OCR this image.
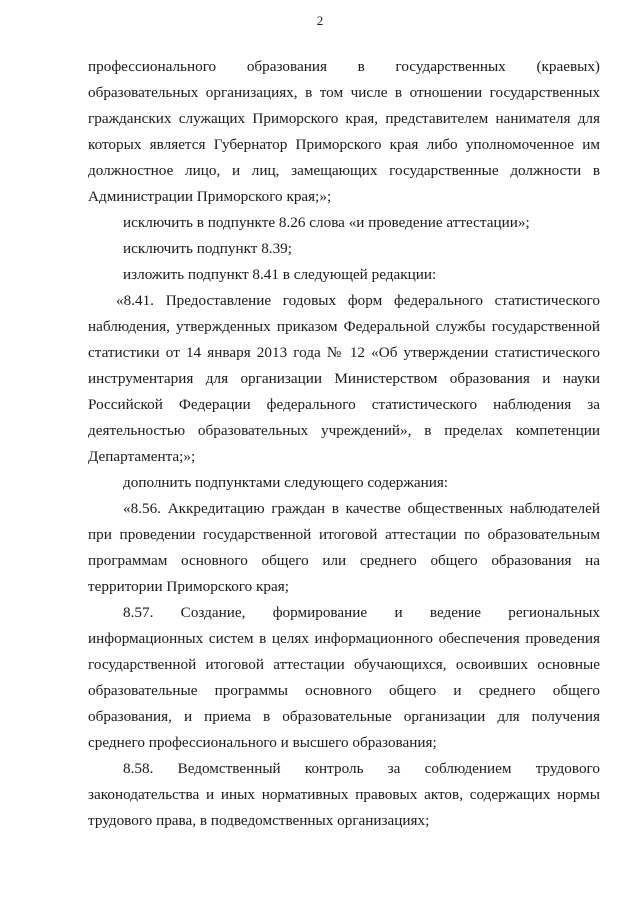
2

профессионального образования в государственных (краевых) образовательных организациях, в том числе в отношении государственных гражданских служащих Приморского края, представителем нанимателя для которых является Губернатор Приморского края либо уполномоченное им должностное лицо, и лиц, замещающих государственные должности в Администрации Приморского края;»;

исключить в подпункте 8.26 слова «и проведение аттестации»;

исключить подпункт 8.39;

изложить подпункт 8.41 в следующей редакции:

«8.41. Предоставление годовых форм федерального статистического наблюдения, утвержденных приказом Федеральной службы государственной статистики от 14 января 2013 года № 12 «Об утверждении статистического инструментария для организации Министерством образования и науки Российской Федерации федерального статистического наблюдения за деятельностью образовательных учреждений», в пределах компетенции Департамента;»;

дополнить подпунктами следующего содержания:

«8.56. Аккредитацию граждан в качестве общественных наблюдателей при проведении государственной итоговой аттестации по образовательным программам основного общего или среднего общего образования на территории Приморского края;

8.57. Создание, формирование и ведение региональных информационных систем в целях информационного обеспечения проведения государственной итоговой аттестации обучающихся, освоивших основные образовательные программы основного общего и среднего общего образования, и приема в образовательные организации для получения среднего профессионального и высшего образования;

8.58. Ведомственный контроль за соблюдением трудового законодательства и иных нормативных правовых актов, содержащих нормы трудового права, в подведомственных организациях;
